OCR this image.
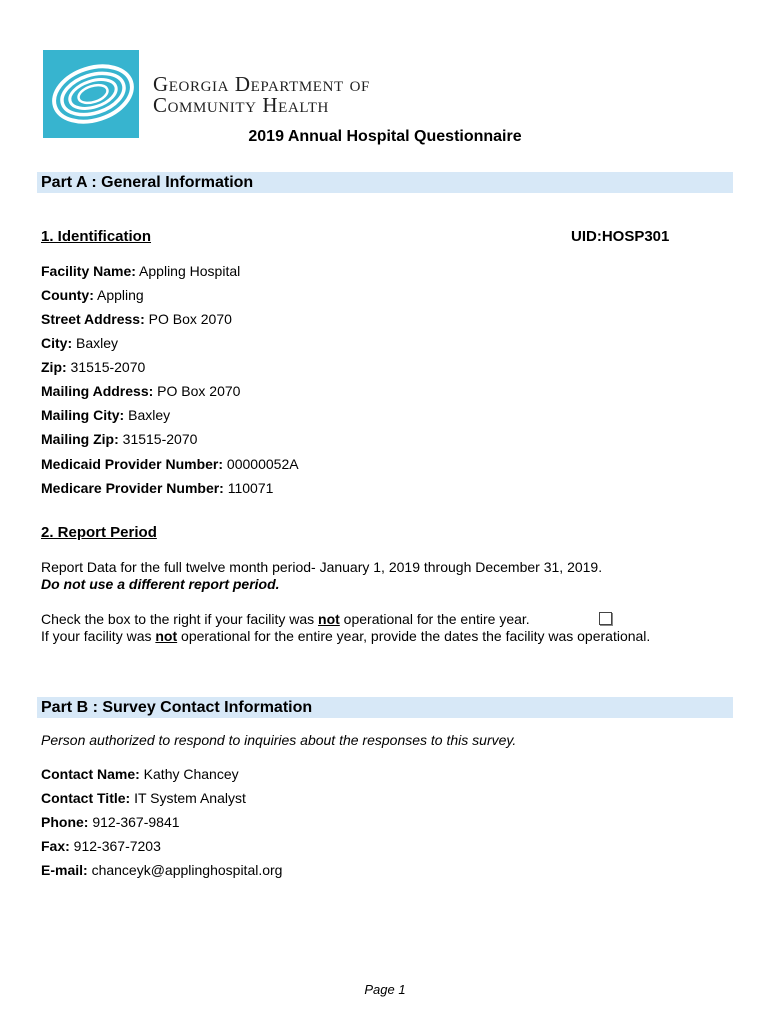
Georgia Department of
Community Health
2019 Annual Hospital Questionnaire
Part A : General Information
1. Identification	UID:HOSP301
Facility Name: Appling Hospital
County: Appling
Street Address: PO Box 2070
City: Baxley
Zip: 31515-2070
Mailing Address: PO Box 2070
Mailing City: Baxley
Mailing Zip: 31515-2070
Medicaid Provider Number: 00000052A
Medicare Provider Number: 110071
2. Report Period
Report Data for the full twelve month period- January 1, 2019 through December 31, 2019.
Do not use a different report period.
Check the box to the right if your facility was not operational for the entire year.
If your facility was not operational for the entire year, provide the dates the facility was operational.
Part B : Survey Contact Information
Person authorized to respond to inquiries about the responses to this survey.
Contact Name: Kathy Chancey
Contact Title: IT System Analyst
Phone: 912-367-9841
Fax: 912-367-7203
E-mail: chanceyk@applinghospital.org
Page 1
